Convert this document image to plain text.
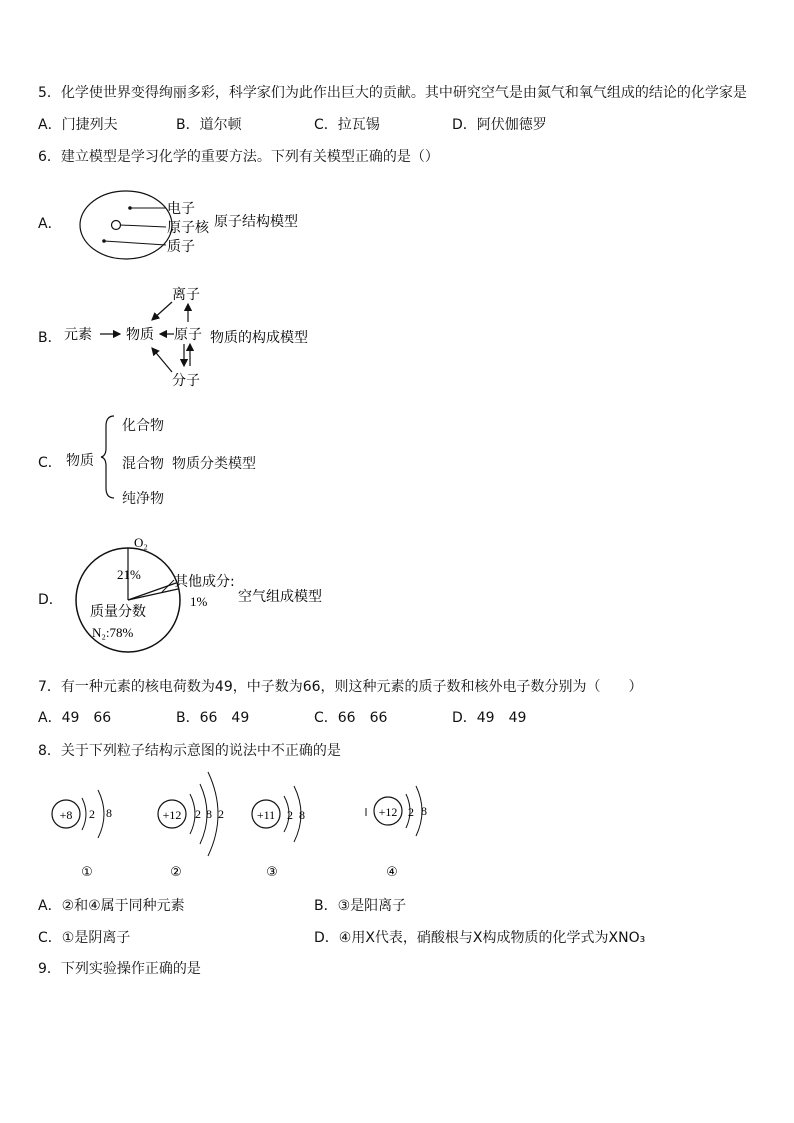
5．化学使世界变得绚丽多彩，科学家们为此作出巨大的贡献。其中研究空气是由氮气和氧气组成的结论的化学家是
A．门捷列夫	B．道尔顿	C．拉瓦锡	D．阿伏伽德罗
6．建立模型是学习化学的重要方法。下列有关模型正确的是（）
A．
电子
原子核
质子
原子结构模型
B． 元素 物质
离子
原子
分子
物质的构成模型
C． 物质
化合物
混合物 物质分类模型
纯净物
D．
O₂
21% 其他成分:
1%
质量分数
N₂:78%
空气组成模型
7．有一种元素的核电荷数为49，中子数为66，则这种元素的质子数和核外电子数分别为（　　）
A．49　66	B．66　49	C．66　66	D．49　49
8．关于下列粒子结构示意图的说法中不正确的是
+8 2 8
①
+12 2 8 2
②
+11 2 8
③
+12 2 8
④
A．②和④属于同种元素	B．③是阳离子
C．①是阴离子	D．④用X代表，硝酸根与X构成物质的化学式为XNO₃
9．下列实验操作正确的是
